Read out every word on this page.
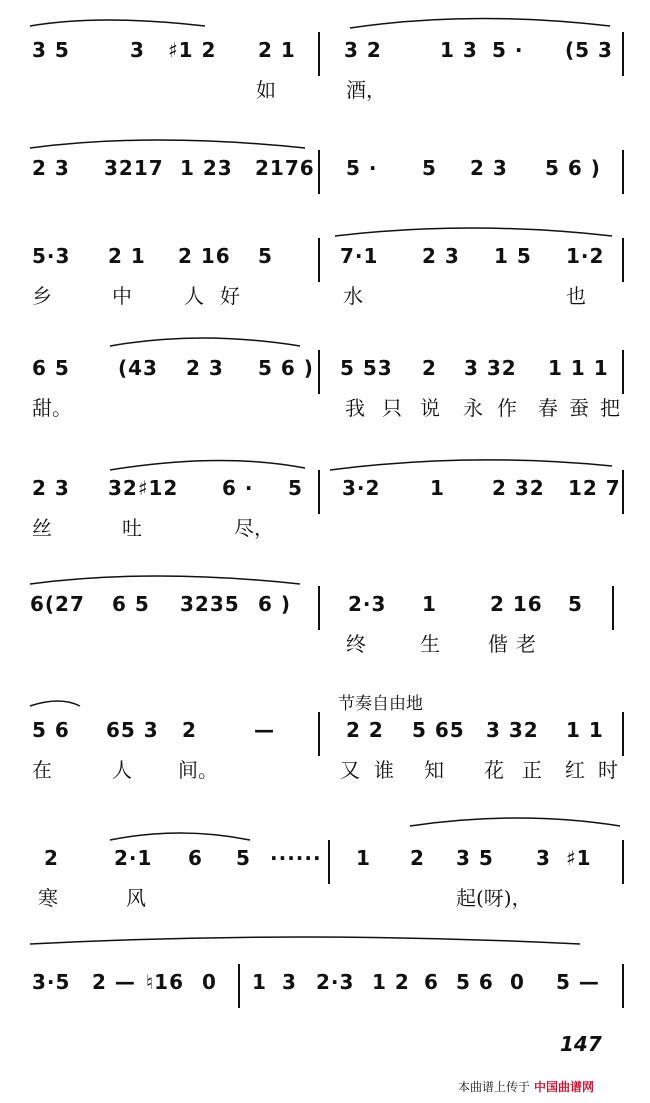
3 5	3 ♯1 2 2 1 3 2	1 3 5 · (5 3
如	酒，
2 3 3217 1 23 2176 5 · 5 2 3 5 6 )
5·3 2 1 2 16 5	7·1 2 3 1 5 1·2
乡	中	人 好	水	也
6 5 (43 2 3 5 6 ) 5 53 2 3 32 1 1 1
甜。	我 只 说 永 作 春 蚕 把
2 3 32♯12 6 · 5 3·2 1 2 32 12 7
丝	吐	尽，
6(27 6 5 3235 6 )	2·3 1	2 16 5
终	生 偕 老
5 6 65 3 2	—	2 2 5 65 3 32 1 1
在	人 间。	又 谁 知 花 正 红 时
2	2·1 6 5 ······ 1 2 3 5 3 ♯1
寒	风	起(呀)，
3·5 2 — ♮16 0 1 3 2·3 1 2 6 5 6 0 5 —
节奏自由地
147
本曲谱上传于 中国曲谱网
